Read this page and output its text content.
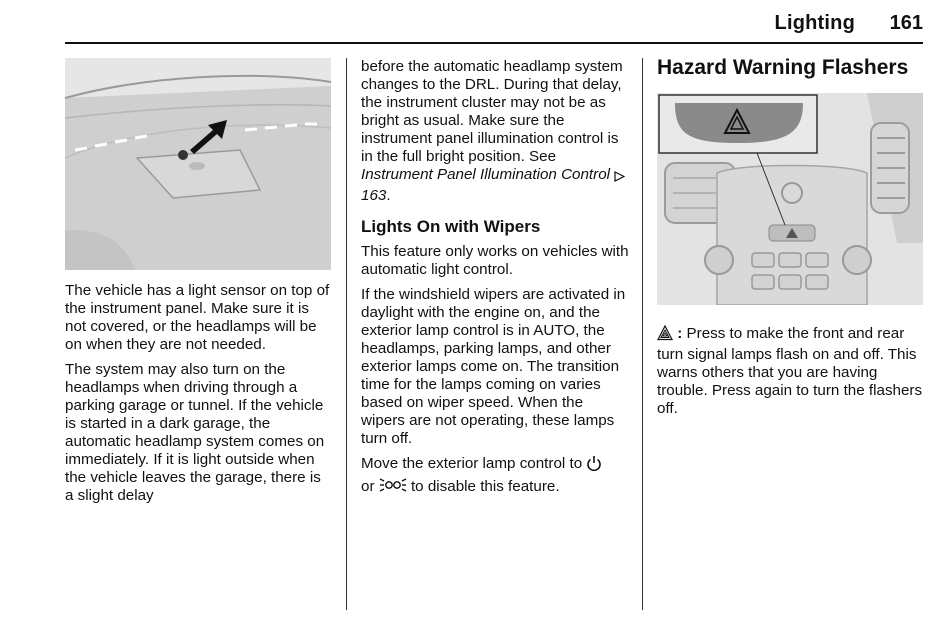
Lighting 161

The vehicle has a light sensor on top of the instrument panel. Make sure it is not covered, or the headlamps will be on when they are not needed.

The system may also turn on the headlamps when driving through a parking garage or tunnel. If the vehicle is started in a dark garage, the automatic headlamp system comes on immediately. If it is light outside when the vehicle leaves the garage, there is a slight delay

before the automatic headlamp system changes to the DRL. During that delay, the instrument cluster may not be as bright as usual. Make sure the instrument panel illumination control is in the full bright position. See Instrument Panel Illumination Control  163.

Lights On with Wipers

This feature only works on vehicles with automatic light control.

If the windshield wipers are activated in daylight with the engine on, and the exterior lamp control is in AUTO, the headlamps, parking lamps, and other exterior lamps come on. The transition time for the lamps coming on varies based on wiper speed. When the wipers are not operating, these lamps turn off.

Move the exterior lamp control to
or  to disable this feature.

Hazard Warning Flashers

: Press to make the front and rear turn signal lamps flash on and off. This warns others that you are having trouble. Press again to turn the flashers off.
